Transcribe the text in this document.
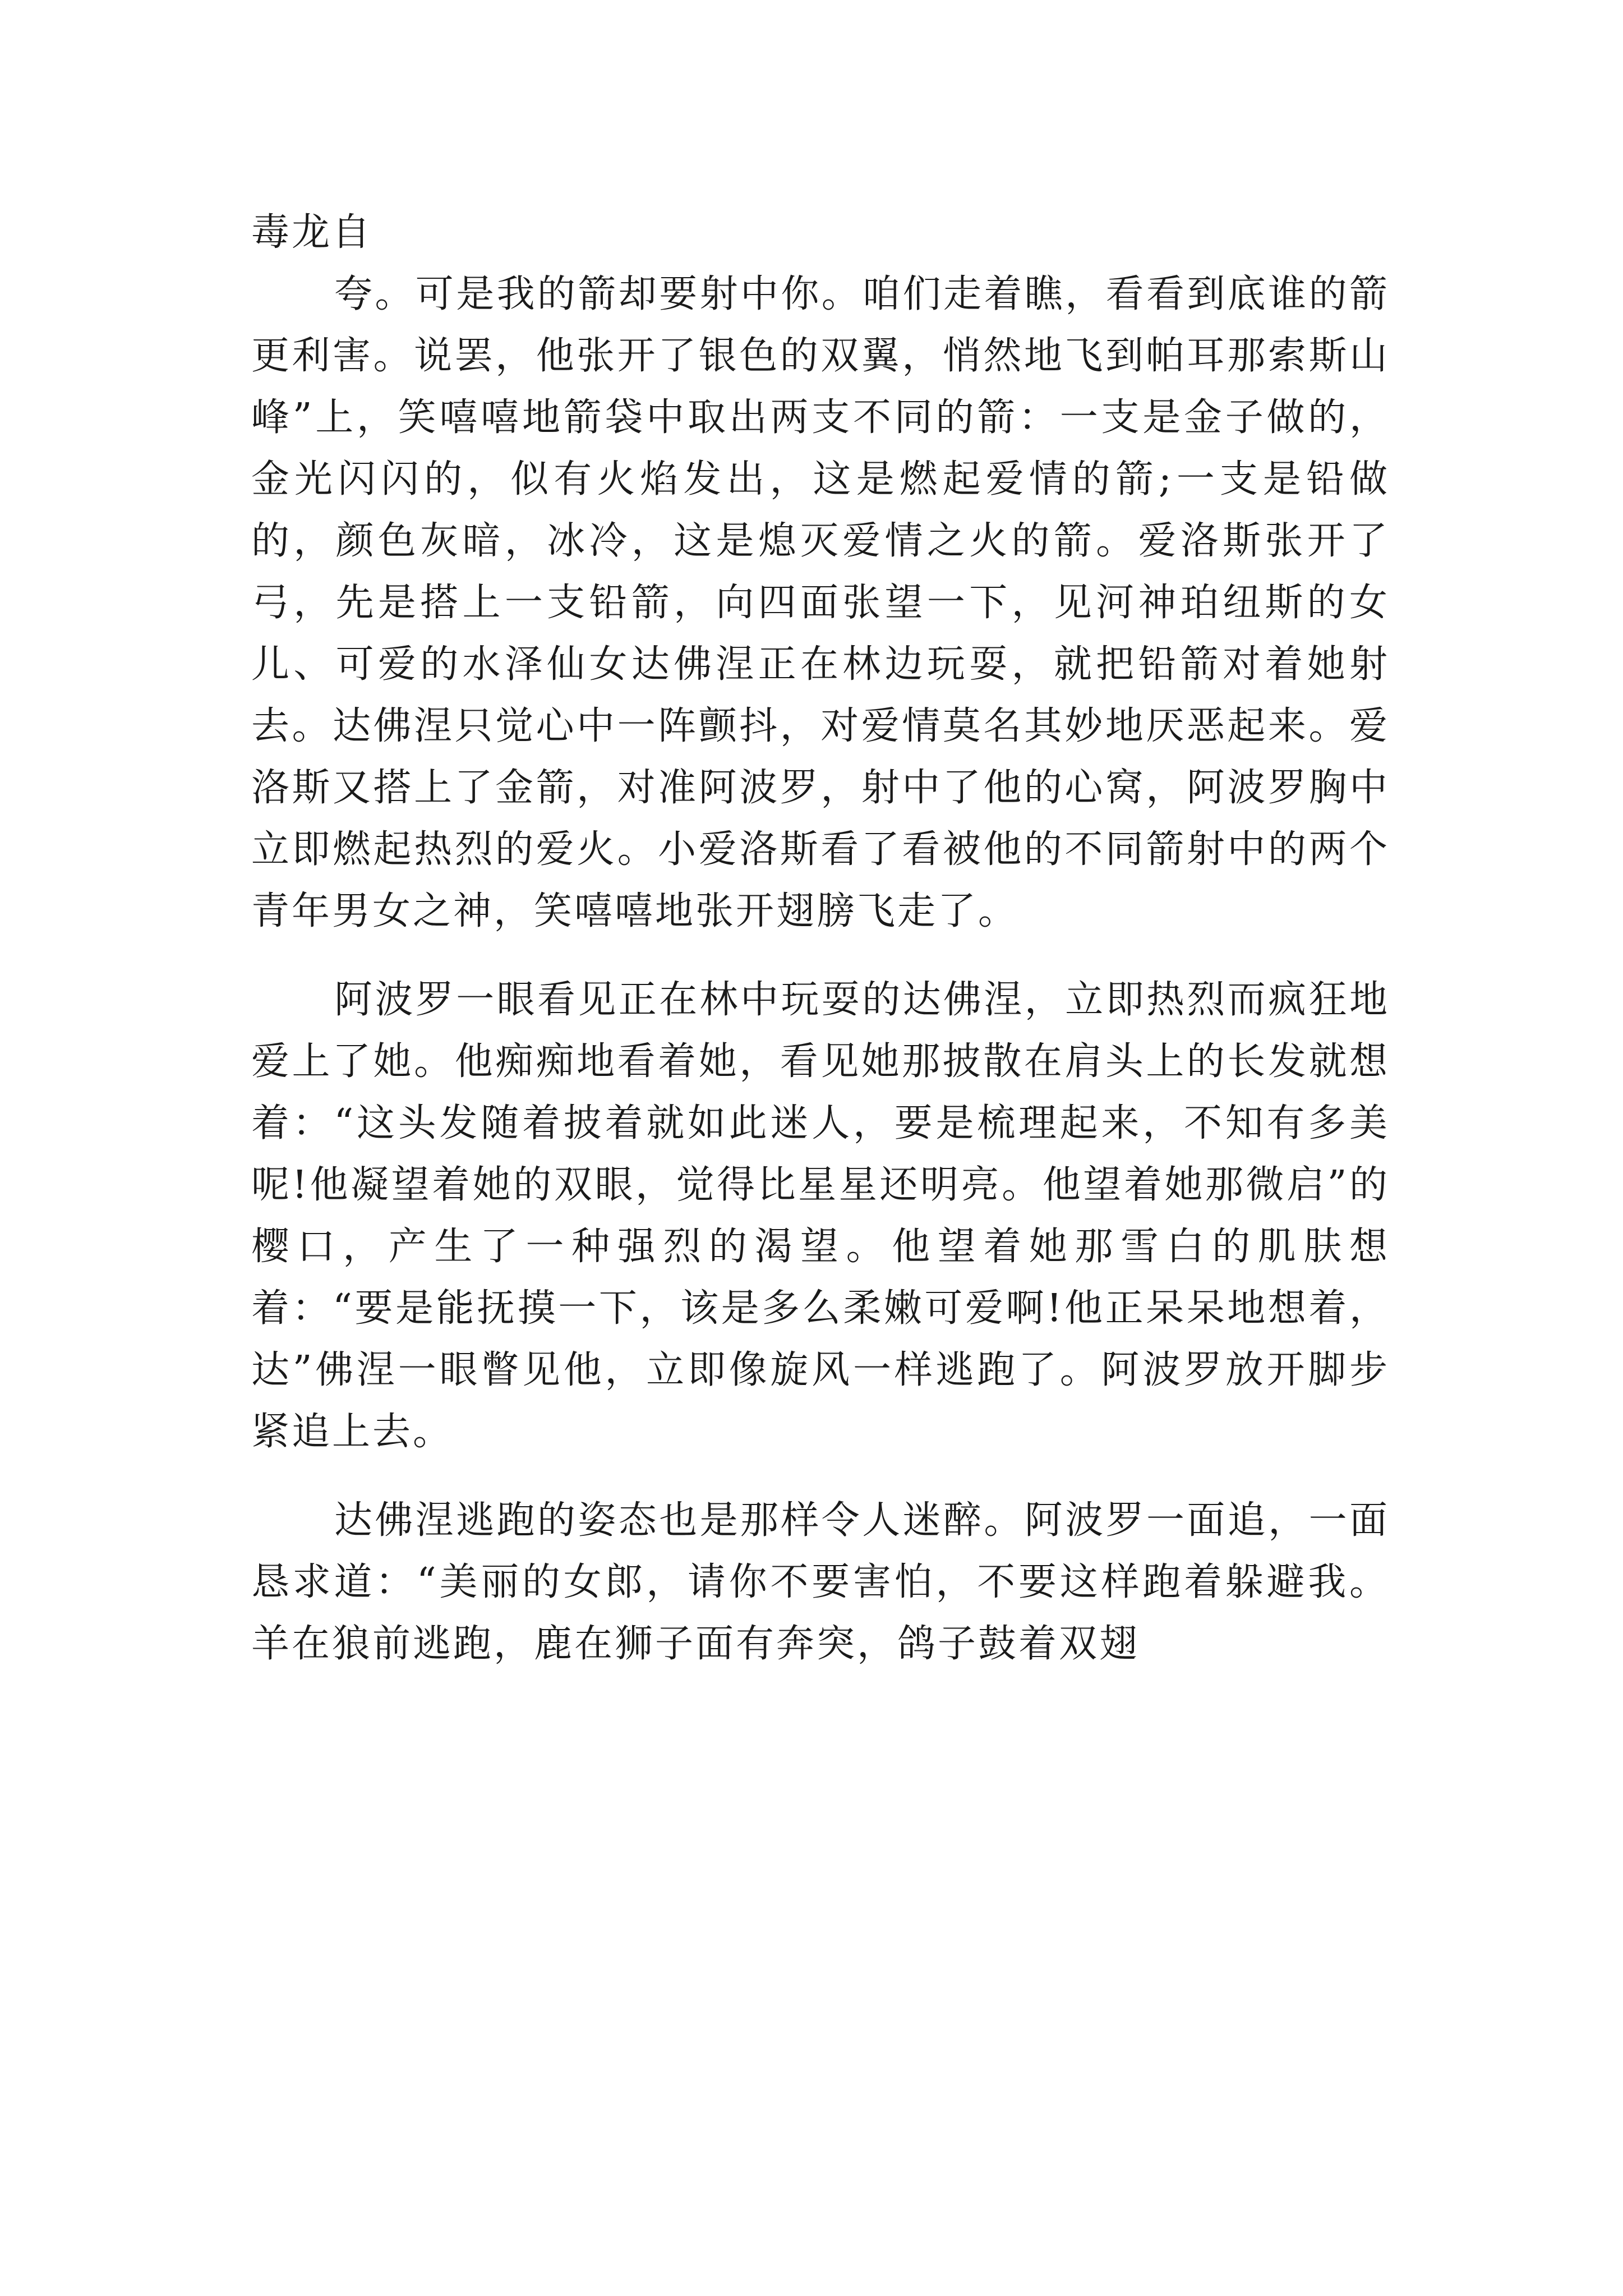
毒龙自

夸。可是我的箭却要射中你。咱们走着瞧，看看到底谁的箭更利害。说罢，他张开了银色的双翼，悄然地飞到帕耳那索斯山峰”上，笑嘻嘻地箭袋中取出两支不同的箭：一支是金子做的，金光闪闪的，似有火焰发出，这是燃起爱情的箭;一支是铅做的，颜色灰暗，冰冷，这是熄灭爱情之火的箭。爱洛斯张开了弓，先是搭上一支铅箭，向四面张望一下，见河神珀纽斯的女儿、可爱的水泽仙女达佛涅正在林边玩耍，就把铅箭对着她射去。达佛涅只觉心中一阵颤抖，对爱情莫名其妙地厌恶起来。爱洛斯又搭上了金箭，对准阿波罗，射中了他的心窝，阿波罗胸中立即燃起热烈的爱火。小爱洛斯看了看被他的不同箭射中的两个青年男女之神，笑嘻嘻地张开翅膀飞走了。

阿波罗一眼看见正在林中玩耍的达佛涅，立即热烈而疯狂地爱上了她。他痴痴地看着她，看见她那披散在肩头上的长发就想着：“这头发随着披着就如此迷人，要是梳理起来，不知有多美呢!他凝望着她的双眼，觉得比星星还明亮。他望着她那微启”的樱口，产生了一种强烈的渴望。他望着她那雪白的肌肤想着：“要是能抚摸一下，该是多么柔嫩可爱啊!他正呆呆地想着，达”佛涅一眼瞥见他，立即像旋风一样逃跑了。阿波罗放开脚步紧追上去。

达佛涅逃跑的姿态也是那样令人迷醉。阿波罗一面追，一面恳求道：“美丽的女郎，请你不要害怕，不要这样跑着躲避我。羊在狼前逃跑，鹿在狮子面有奔突，鸽子鼓着双翅
